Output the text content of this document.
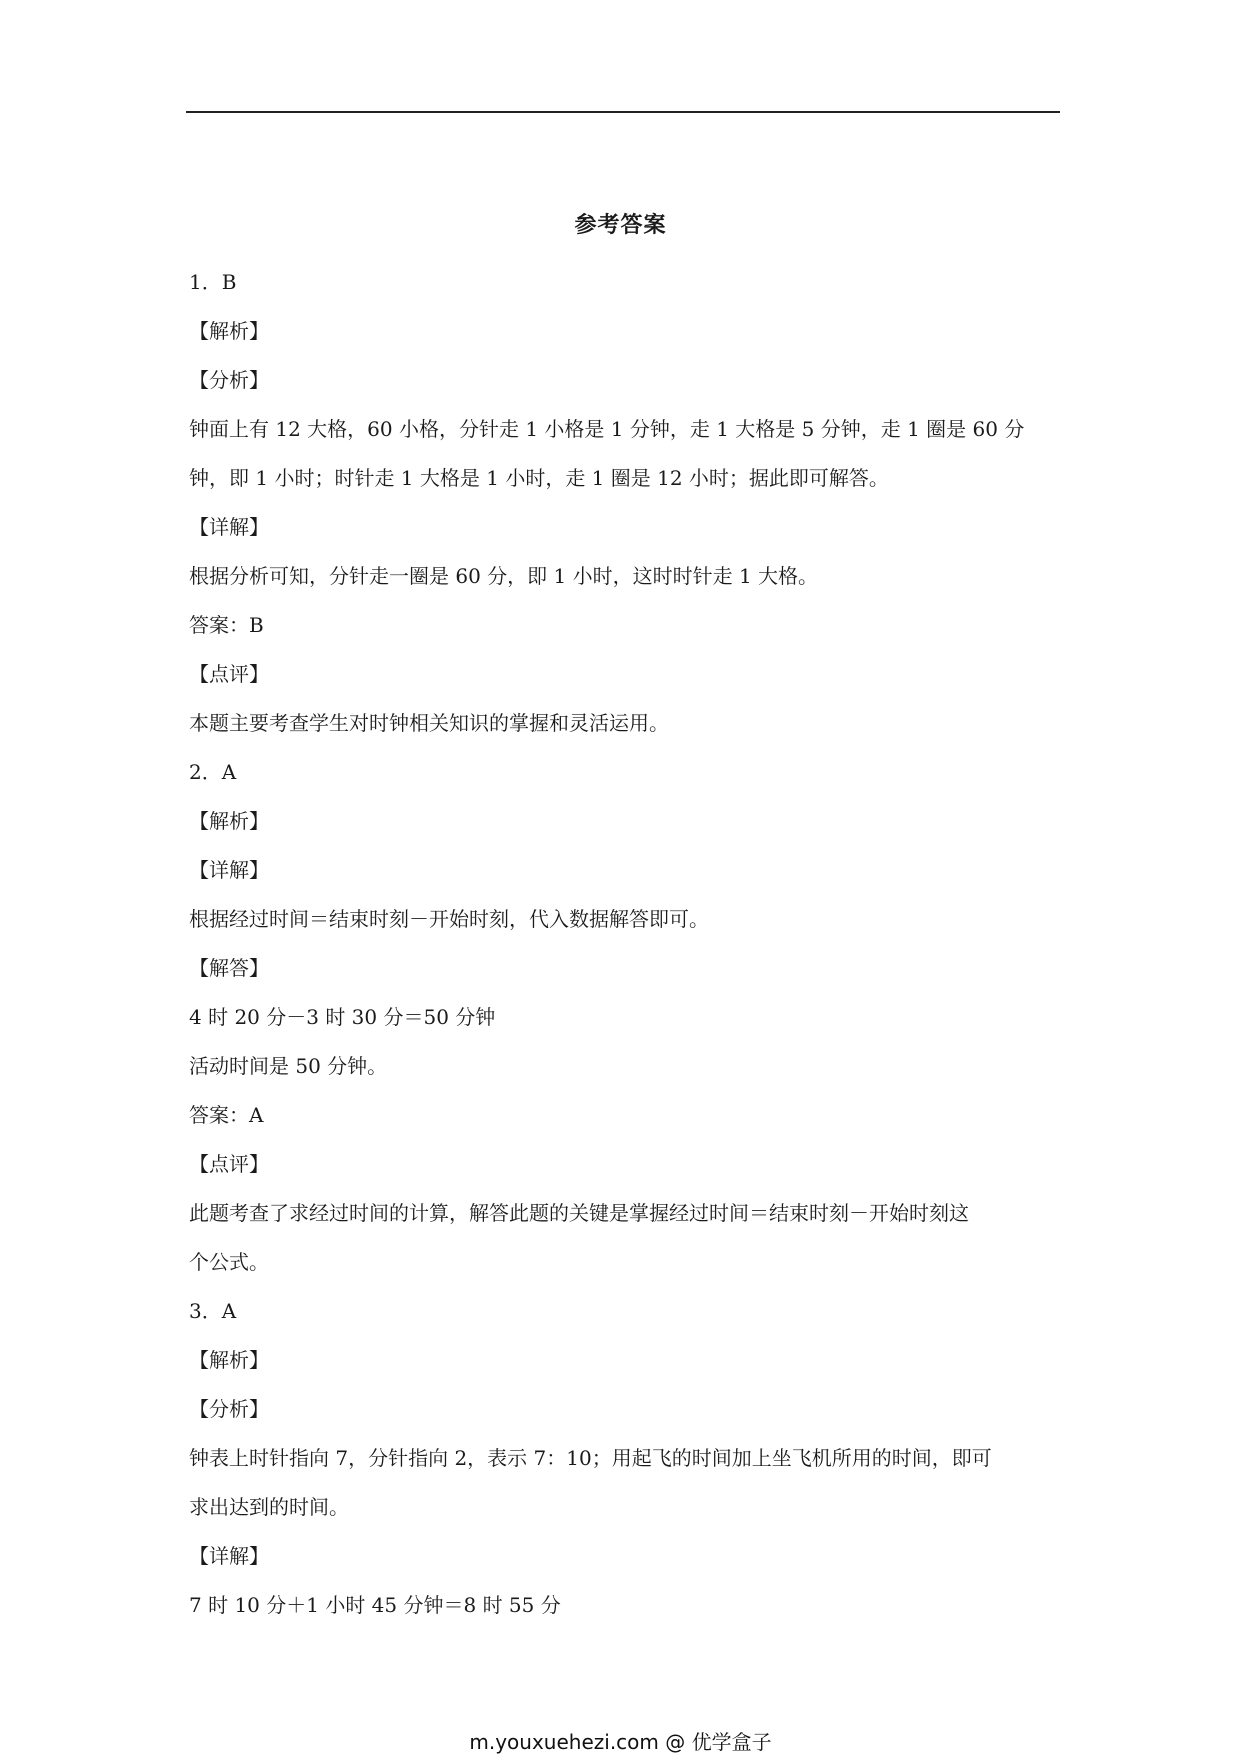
参考答案
1．B
【解析】
【分析】
钟面上有 12 大格，60 小格，分针走 1 小格是 1 分钟，走 1 大格是 5 分钟，走 1 圈是 60 分
钟，即 1 小时；时针走 1 大格是 1 小时，走 1 圈是 12 小时；据此即可解答。
【详解】
根据分析可知，分针走一圈是 60 分，即 1 小时，这时时针走 1 大格。
答案：B
【点评】
本题主要考查学生对时钟相关知识的掌握和灵活运用。
2．A
【解析】
【详解】
根据经过时间＝结束时刻－开始时刻，代入数据解答即可。
【解答】
4 时 20 分－3 时 30 分＝50 分钟
活动时间是 50 分钟。
答案：A
【点评】
此题考查了求经过时间的计算，解答此题的关键是掌握经过时间＝结束时刻－开始时刻这
个公式。
3．A
【解析】
【分析】
钟表上时针指向 7，分针指向 2，表示 7：10；用起飞的时间加上坐飞机所用的时间，即可
求出达到的时间。
【详解】
7 时 10 分＋1 小时 45 分钟＝8 时 55 分
m.youxuehezi.com @ 优学盒子
